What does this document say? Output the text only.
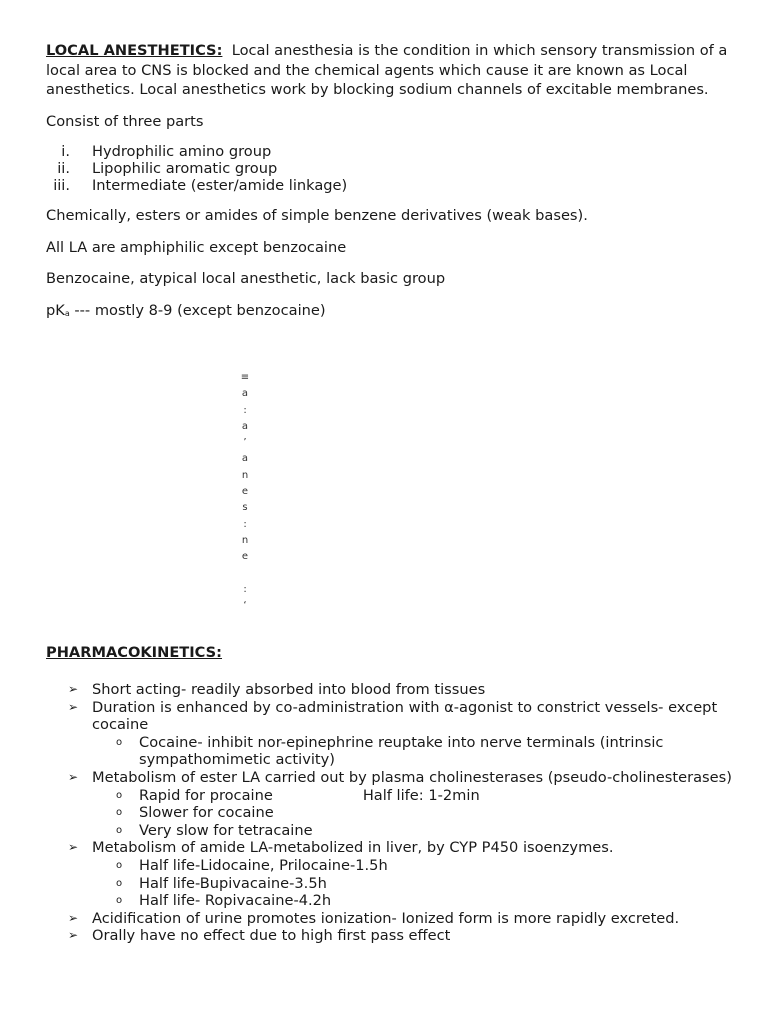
LOCAL ANESTHETICS: Local anesthesia is the condition in which sensory transmission of a local area to CNS is blocked and the chemical agents which cause it are known as Local anesthetics. Local anesthetics work by blocking sodium channels of excitable membranes.

Consist of three parts

i. Hydrophilic amino group
ii. Lipophilic aromatic group
iii. Intermediate (ester/amide linkage)

Chemically, esters or amides of simple benzene derivatives (weak bases).

All LA are amphiphilic except benzocaine

Benzocaine, atypical local anesthetic, lack basic group

$pK_a$ --- mostly 8-9 (except benzocaine)

≡
a
:
a
’
a
n
e
s
:
n
e
:
‘

PHARMACOKINETICS:

➢ Short acting- readily absorbed into blood from tissues
➢ Duration is enhanced by co-administration with α-agonist to constrict vessels- except cocaine
o Cocaine- inhibit nor-epinephrine reuptake into nerve terminals (intrinsic sympathomimetic activity)
➢ Metabolism of ester LA carried out by plasma cholinesterases (pseudo-cholinesterases)
o Rapid for procaine	Half life: 1-2min
o Slower for cocaine
o Very slow for tetracaine
➢ Metabolism of amide LA-metabolized in liver, by CYP P450 isoenzymes.
o Half life-Lidocaine, Prilocaine-1.5h
o Half life-Bupivacaine-3.5h
o Half life- Ropivacaine-4.2h
➢ Acidification of urine promotes ionization- Ionized form is more rapidly excreted.
➢ Orally have no effect due to high first pass effect
